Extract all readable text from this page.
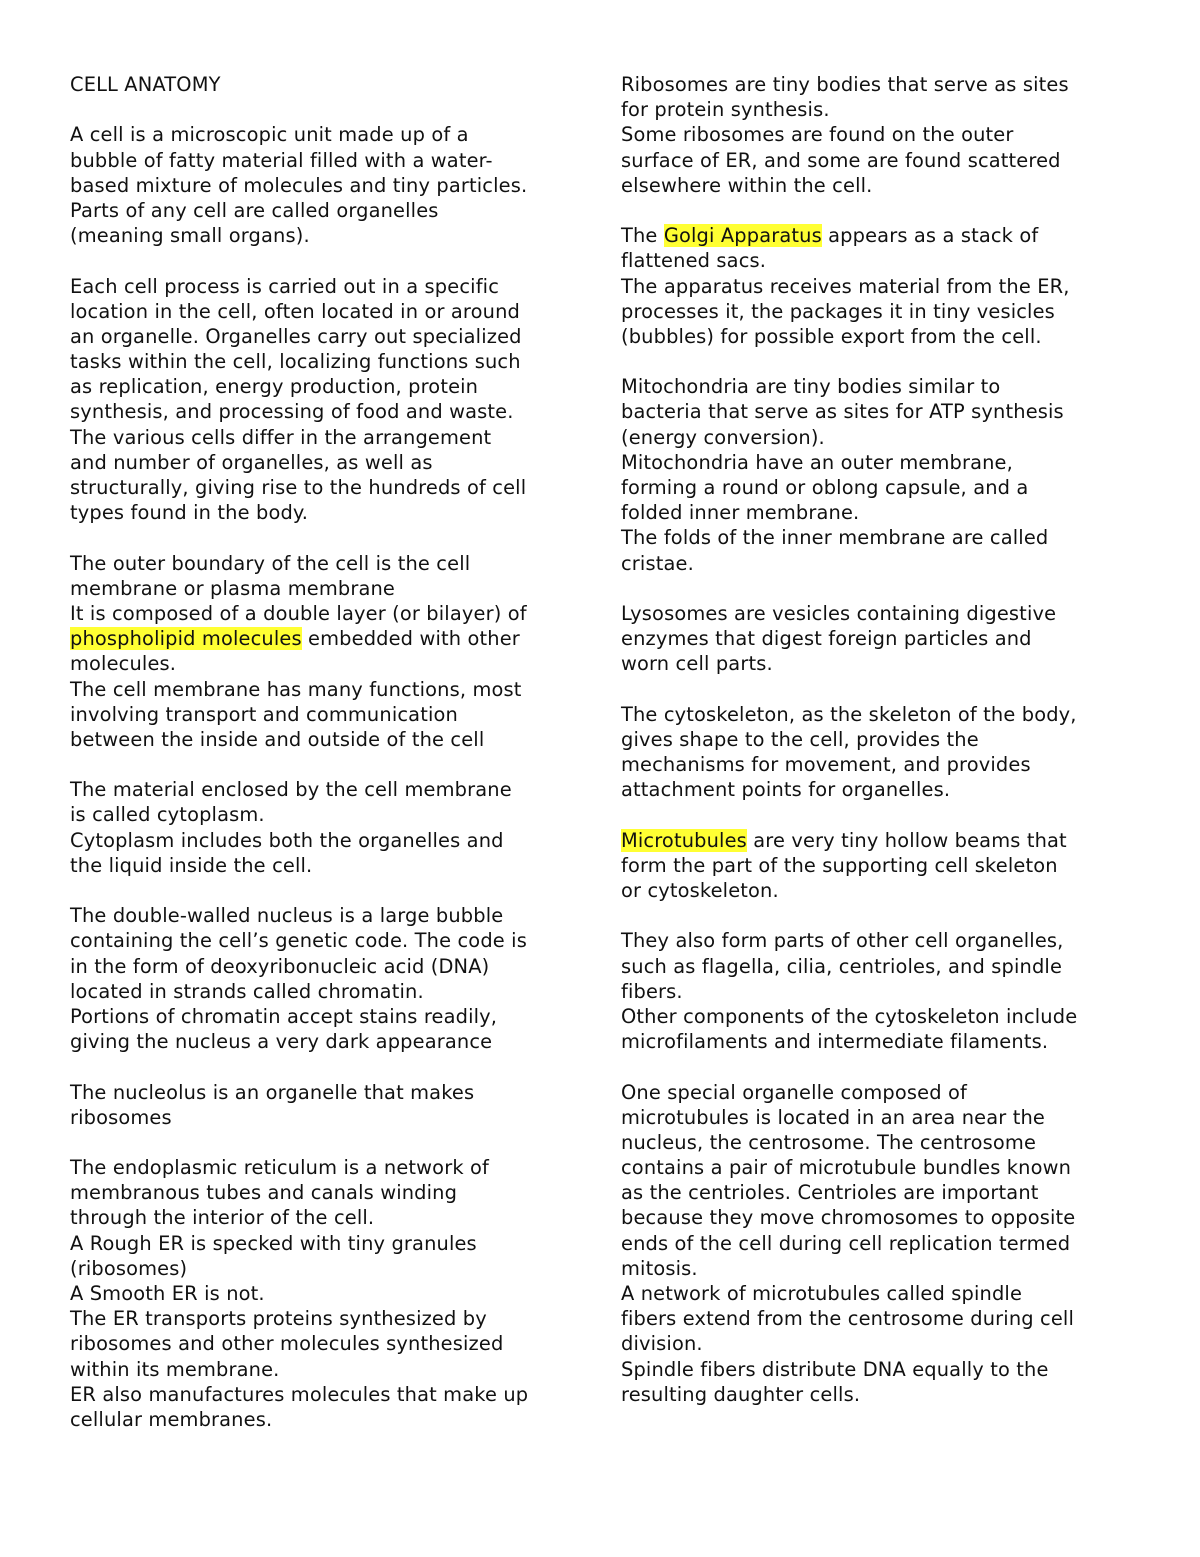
CELL ANATOMY
A cell is a microscopic unit made up of a
bubble of fatty material filled with a water-
based mixture of molecules and tiny particles.
Parts of any cell are called organelles
(meaning small organs).
Each cell process is carried out in a specific
location in the cell, often located in or around
an organelle. Organelles carry out specialized
tasks within the cell, localizing functions such
as replication, energy production, protein
synthesis, and processing of food and waste.
The various cells differ in the arrangement
and number of organelles, as well as
structurally, giving rise to the hundreds of cell
types found in the body.
The outer boundary of the cell is the cell
membrane or plasma membrane
It is composed of a double layer (or bilayer) of
phospholipid molecules embedded with other
molecules.
The cell membrane has many functions, most
involving transport and communication
between the inside and outside of the cell
The material enclosed by the cell membrane
is called cytoplasm.
Cytoplasm includes both the organelles and
the liquid inside the cell.
The double-walled nucleus is a large bubble
containing the cell’s genetic code. The code is
in the form of deoxyribonucleic acid (DNA)
located in strands called chromatin.
Portions of chromatin accept stains readily,
giving the nucleus a very dark appearance
The nucleolus is an organelle that makes
ribosomes
The endoplasmic reticulum is a network of
membranous tubes and canals winding
through the interior of the cell.
A Rough ER is specked with tiny granules
(ribosomes)
A Smooth ER is not.
The ER transports proteins synthesized by
ribosomes and other molecules synthesized
within its membrane.
ER also manufactures molecules that make up
cellular membranes.
Ribosomes are tiny bodies that serve as sites
for protein synthesis.
Some ribosomes are found on the outer
surface of ER, and some are found scattered
elsewhere within the cell.
The Golgi Apparatus appears as a stack of
flattened sacs.
The apparatus receives material from the ER,
processes it, the packages it in tiny vesicles
(bubbles) for possible export from the cell.
Mitochondria are tiny bodies similar to
bacteria that serve as sites for ATP synthesis
(energy conversion).
Mitochondria have an outer membrane,
forming a round or oblong capsule, and a
folded inner membrane.
The folds of the inner membrane are called
cristae.
Lysosomes are vesicles containing digestive
enzymes that digest foreign particles and
worn cell parts.
The cytoskeleton, as the skeleton of the body,
gives shape to the cell, provides the
mechanisms for movement, and provides
attachment points for organelles.
Microtubules are very tiny hollow beams that
form the part of the supporting cell skeleton
or cytoskeleton.
They also form parts of other cell organelles,
such as flagella, cilia, centrioles, and spindle
fibers.
Other components of the cytoskeleton include
microfilaments and intermediate filaments.
One special organelle composed of
microtubules is located in an area near the
nucleus, the centrosome. The centrosome
contains a pair of microtubule bundles known
as the centrioles. Centrioles are important
because they move chromosomes to opposite
ends of the cell during cell replication termed
mitosis.
A network of microtubules called spindle
fibers extend from the centrosome during cell
division.
Spindle fibers distribute DNA equally to the
resulting daughter cells.
